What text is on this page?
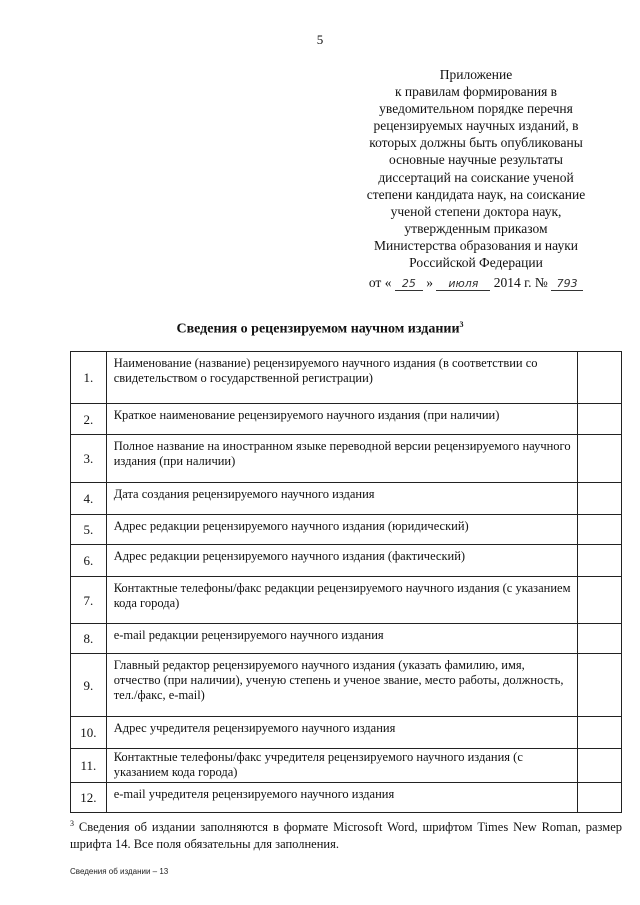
5
Приложение
к правилам формирования в
уведомительном порядке перечня
рецензируемых научных изданий, в
которых должны быть опубликованы
основные научные результаты
диссертаций на соискание ученой
степени кандидата наук, на соискание
ученой степени доктора наук,
утвержденным приказом
Министерства образования и науки
Российской Федерации
от « 25 » июля 2014 г. № 793
Сведения о рецензируемом научном издании$^3$
1.	Наименование (название) рецензируемого научного издания (в соответствии со свидетельством о государственной регистрации)	
2.	Краткое наименование рецензируемого научного издания (при наличии)	
3.	Полное название на иностранном языке переводной версии рецензируемого научного издания (при наличии)	
4.	Дата создания рецензируемого научного издания	
5.	Адрес редакции рецензируемого научного издания (юридический)	
6.	Адрес редакции рецензируемого научного издания (фактический)	
7.	Контактные телефоны/факс редакции рецензируемого научного издания (с указанием кода города)	
8.	e-mail редакции рецензируемого научного издания	
9.	Главный редактор рецензируемого научного издания (указать фамилию, имя, отчество (при наличии), ученую степень и ученое звание, место работы, должность, тел./факс, e-mail)	
10.	Адрес учредителя рецензируемого научного издания	
11.	Контактные телефоны/факс учредителя рецензируемого научного издания (с указанием кода города)	
12.	e-mail учредителя рецензируемого научного издания	
$^3$ Сведения об издании заполняются в формате Microsoft Word, шрифтом Times New Roman, размер шрифта 14. Все поля обязательны для заполнения.
Сведения об издании – 13
